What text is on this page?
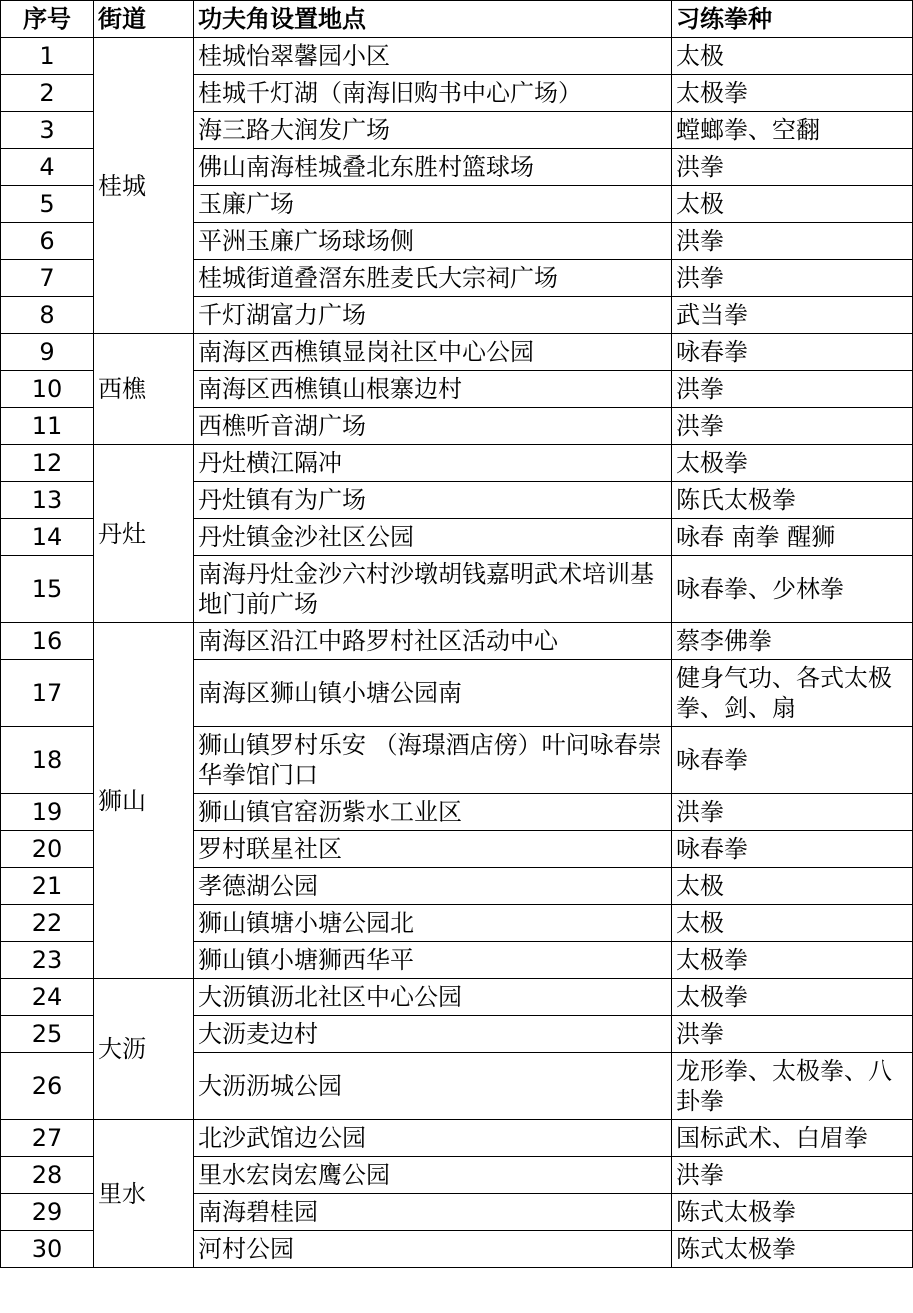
序号	街道	功夫角设置地点	习练拳种
1	桂城	桂城怡翠馨园小区	太极
2		桂城千灯湖（南海旧购书中心广场）	太极拳
3		海三路大润发广场	螳螂拳、空翻
4		佛山南海桂城叠北东胜村篮球场	洪拳
5		玉廉广场	太极
6		平洲玉廉广场球场侧	洪拳
7		桂城街道叠滘东胜麦氏大宗祠广场	洪拳
8		千灯湖富力广场	武当拳
9	西樵	南海区西樵镇显岗社区中心公园	咏春拳
10		南海区西樵镇山根寨边村	洪拳
11		西樵听音湖广场	洪拳
12	丹灶	丹灶横江隔冲	太极拳
13		丹灶镇有为广场	陈氏太极拳
14		丹灶镇金沙社区公园	咏春 南拳 醒狮
15		南海丹灶金沙六村沙墩胡钱嘉明武术培训基地门前广场	咏春拳、少林拳
16	狮山	南海区沿江中路罗村社区活动中心	蔡李佛拳
17		南海区狮山镇小塘公园南	健身气功、各式太极拳、剑、扇
18		狮山镇罗村乐安 （海璟酒店傍）叶问咏春崇华拳馆门口	咏春拳
19		狮山镇官窑沥紫水工业区	洪拳
20		罗村联星社区	咏春拳
21		孝德湖公园	太极
22		狮山镇塘小塘公园北	太极
23		狮山镇小塘狮西华平	太极拳
24	大沥	大沥镇沥北社区中心公园	太极拳
25		大沥麦边村	洪拳
26		大沥沥城公园	龙形拳、太极拳、八卦拳
27	里水	北沙武馆边公园	国标武术、白眉拳
28		里水宏岗宏鹰公园	洪拳
29		南海碧桂园	陈式太极拳
30		河村公园	陈式太极拳
